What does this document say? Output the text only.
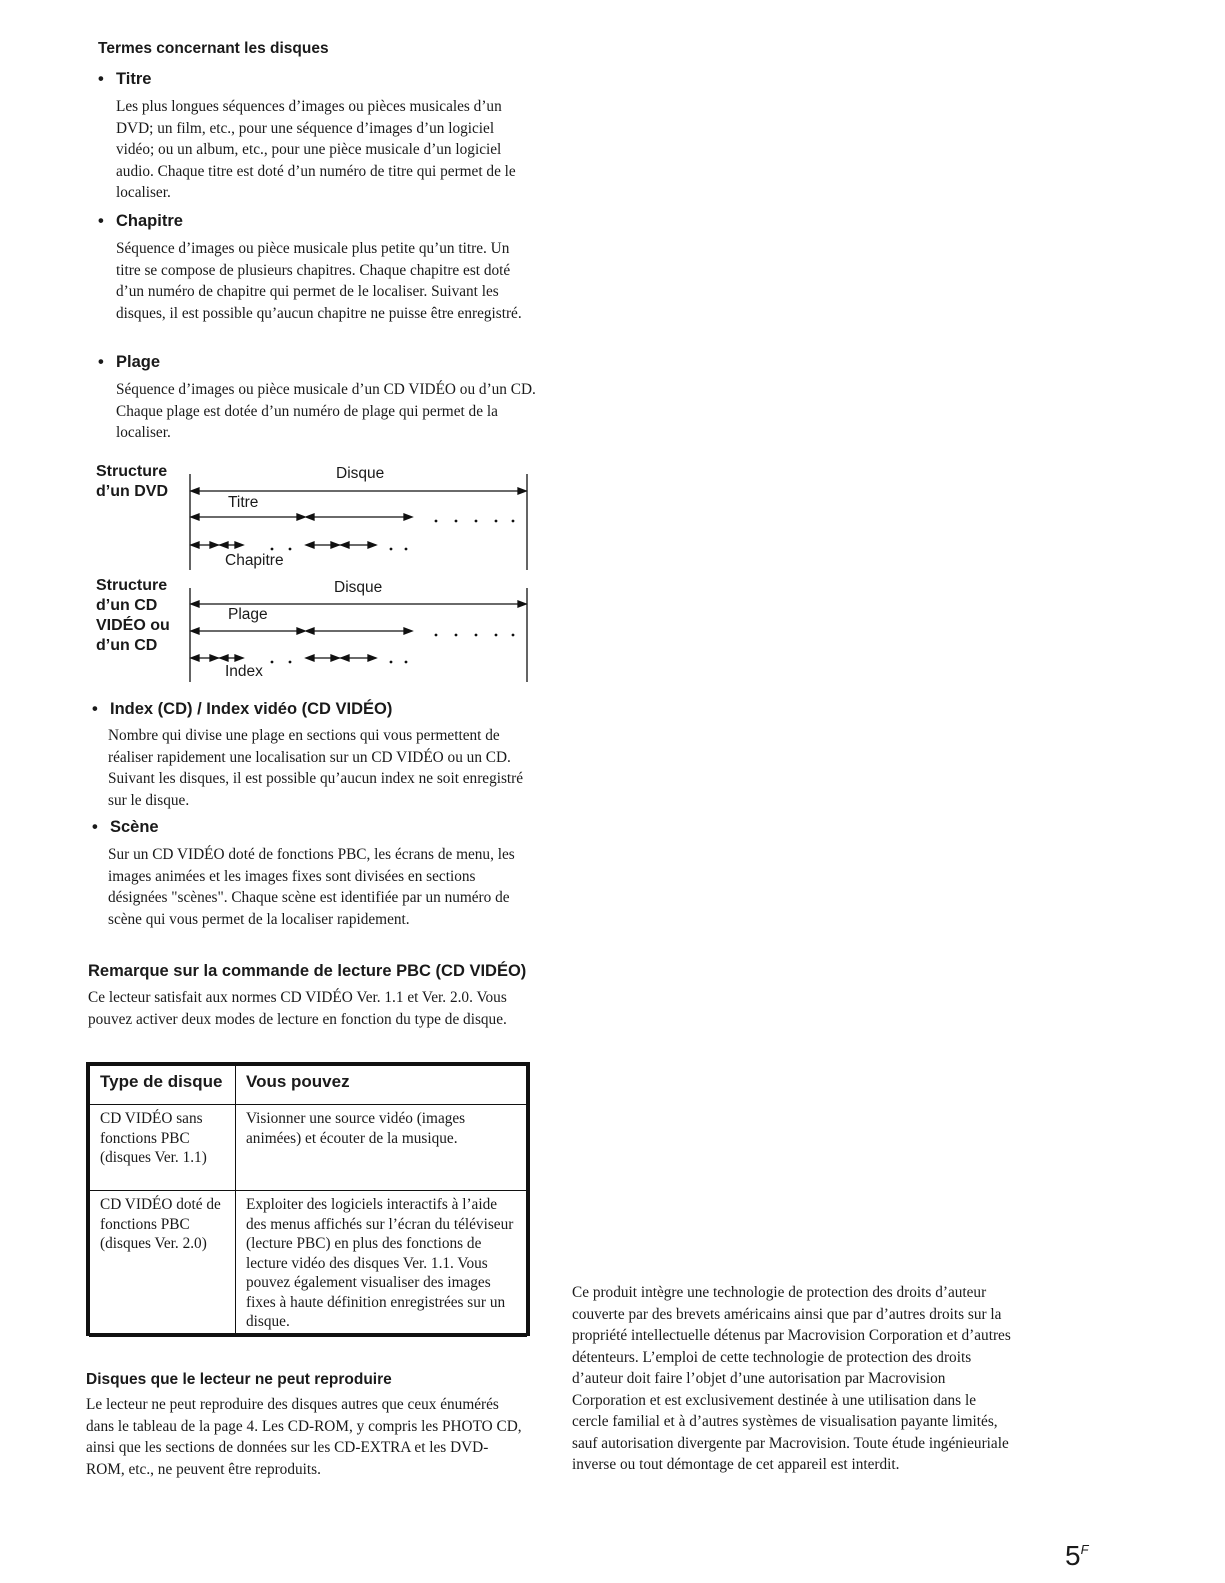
Termes concernant les disques
• Titre
Les plus longues séquences d’images ou pièces musicales d’un DVD; un film, etc., pour une séquence d’images d’un logiciel vidéo; ou un album, etc., pour une pièce musicale d’un logiciel audio. Chaque titre est doté d’un numéro de titre qui permet de le localiser.
• Chapitre
Séquence d’images ou pièce musicale plus petite qu’un titre. Un titre se compose de plusieurs chapitres. Chaque chapitre est doté d’un numéro de chapitre qui permet de le localiser. Suivant les disques, il est possible qu’aucun chapitre ne puisse être enregistré.
• Plage
Séquence d’images ou pièce musicale d’un CD VIDÉO ou d’un CD. Chaque plage est dotée d’un numéro de plage qui permet de la localiser.
Structure
d’un DVD
Disque
Titre
Chapitre
Structure
d’un CD
VIDÉO ou
d’un CD
Disque
Plage
Index
• Index (CD) / Index vidéo (CD VIDÉO)
Nombre qui divise une plage en sections qui vous permettent de réaliser rapidement une localisation sur un CD VIDÉO ou un CD. Suivant les disques, il est possible qu’aucun index ne soit enregistré sur le disque.
• Scène
Sur un CD VIDÉO doté de fonctions PBC, les écrans de menu, les images animées et les images fixes sont divisées en sections désignées "scènes". Chaque scène est identifiée par un numéro de scène qui vous permet de la localiser rapidement.
Remarque sur la commande de lecture PBC (CD VIDÉO)
Ce lecteur satisfait aux normes CD VIDÉO Ver. 1.1 et Ver. 2.0. Vous pouvez activer deux modes de lecture en fonction du type de disque.
Type de disque	Vous pouvez
CD VIDÉO sans fonctions PBC (disques Ver. 1.1)	Visionner une source vidéo (images animées) et écouter de la musique.
CD VIDÉO doté de fonctions PBC (disques Ver. 2.0)	Exploiter des logiciels interactifs à l’aide des menus affichés sur l’écran du téléviseur (lecture PBC) en plus des fonctions de lecture vidéo des disques Ver. 1.1. Vous pouvez également visualiser des images fixes à haute définition enregistrées sur un disque.
Disques que le lecteur ne peut reproduire
Le lecteur ne peut reproduire des disques autres que ceux énumérés dans le tableau de la page 4. Les CD-ROM, y compris les PHOTO CD, ainsi que les sections de données sur les CD-EXTRA et les DVD-ROM, etc., ne peuvent être reproduits.
Ce produit intègre une technologie de protection des droits d’auteur couverte par des brevets américains ainsi que par d’autres droits sur la propriété intellectuelle détenus par Macrovision Corporation et d’autres détenteurs. L’emploi de cette technologie de protection des droits d’auteur doit faire l’objet d’une autorisation par Macrovision Corporation et est exclusivement destinée à une utilisation dans le cercle familial et à d’autres systèmes de visualisation payante limités, sauf autorisation divergente par Macrovision. Toute étude ingénieuriale inverse ou tout démontage de cet appareil est interdit.
$5^F$
